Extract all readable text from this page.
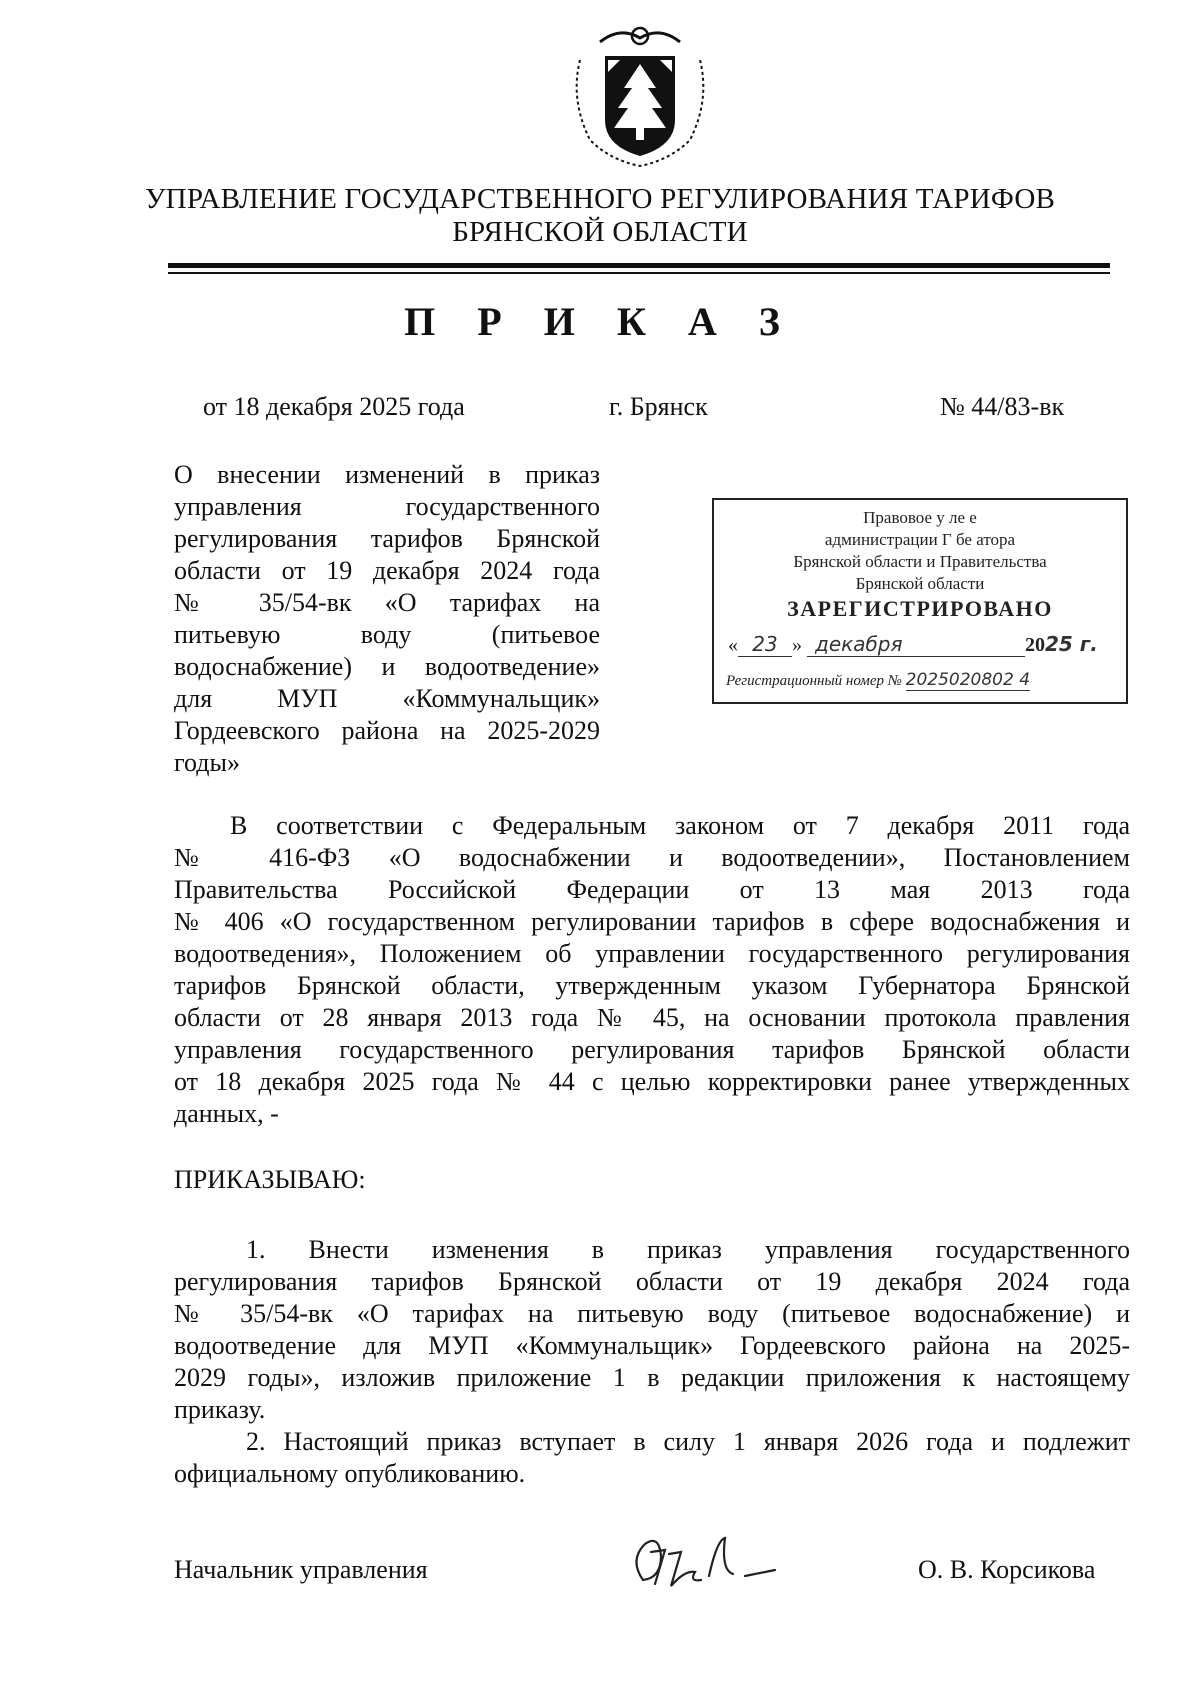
УПРАВЛЕНИЕ ГОСУДАРСТВЕННОГО РЕГУЛИРОВАНИЯ ТАРИФОВ
БРЯНСКОЙ ОБЛАСТИ
П Р И К А З
от 18 декабря 2025 года	г. Брянск	№ 44/83-вк
О внесении изменений в приказ
управления государственного
регулирования тарифов Брянской
области от 19 декабря 2024 года
№ 35/54-вк «О тарифах на
питьевую воду (питьевое
водоснабжение) и водоотведение»
для МУП «Коммунальщик»
Гордеевского района на 2025-2029
годы»
Правовое у ле е
администрации Г бе атора
Брянской области и Правительства
Брянской области
ЗАРЕГИСТРИРОВАНО
« 23 » декабря	2025 г.
Регистрационный номер № 2025020802 4
В соответствии с Федеральным законом от 7 декабря 2011 года
№ 416-ФЗ «О водоснабжении и водоотведении», Постановлением
Правительства Российской Федерации от 13 мая 2013 года
№ 406 «О государственном регулировании тарифов в сфере водоснабжения и
водоотведения», Положением об управлении государственного регулирования
тарифов Брянской области, утвержденным указом Губернатора Брянской
области от 28 января 2013 года № 45, на основании протокола правления
управления государственного регулирования тарифов Брянской области
от 18 декабря 2025 года № 44 с целью корректировки ранее утвержденных
данных, -
ПРИКАЗЫВАЮ:
1. Внести изменения в приказ управления государственного
регулирования тарифов Брянской области от 19 декабря 2024 года
№ 35/54-вк «О тарифах на питьевую воду (питьевое водоснабжение) и
водоотведение для МУП «Коммунальщик» Гордеевского района на 2025-
2029 годы», изложив приложение 1 в редакции приложения к настоящему
приказу.
2. Настоящий приказ вступает в силу 1 января 2026 года и подлежит
официальному опубликованию.
Начальник управления	О. В. Корсикова
